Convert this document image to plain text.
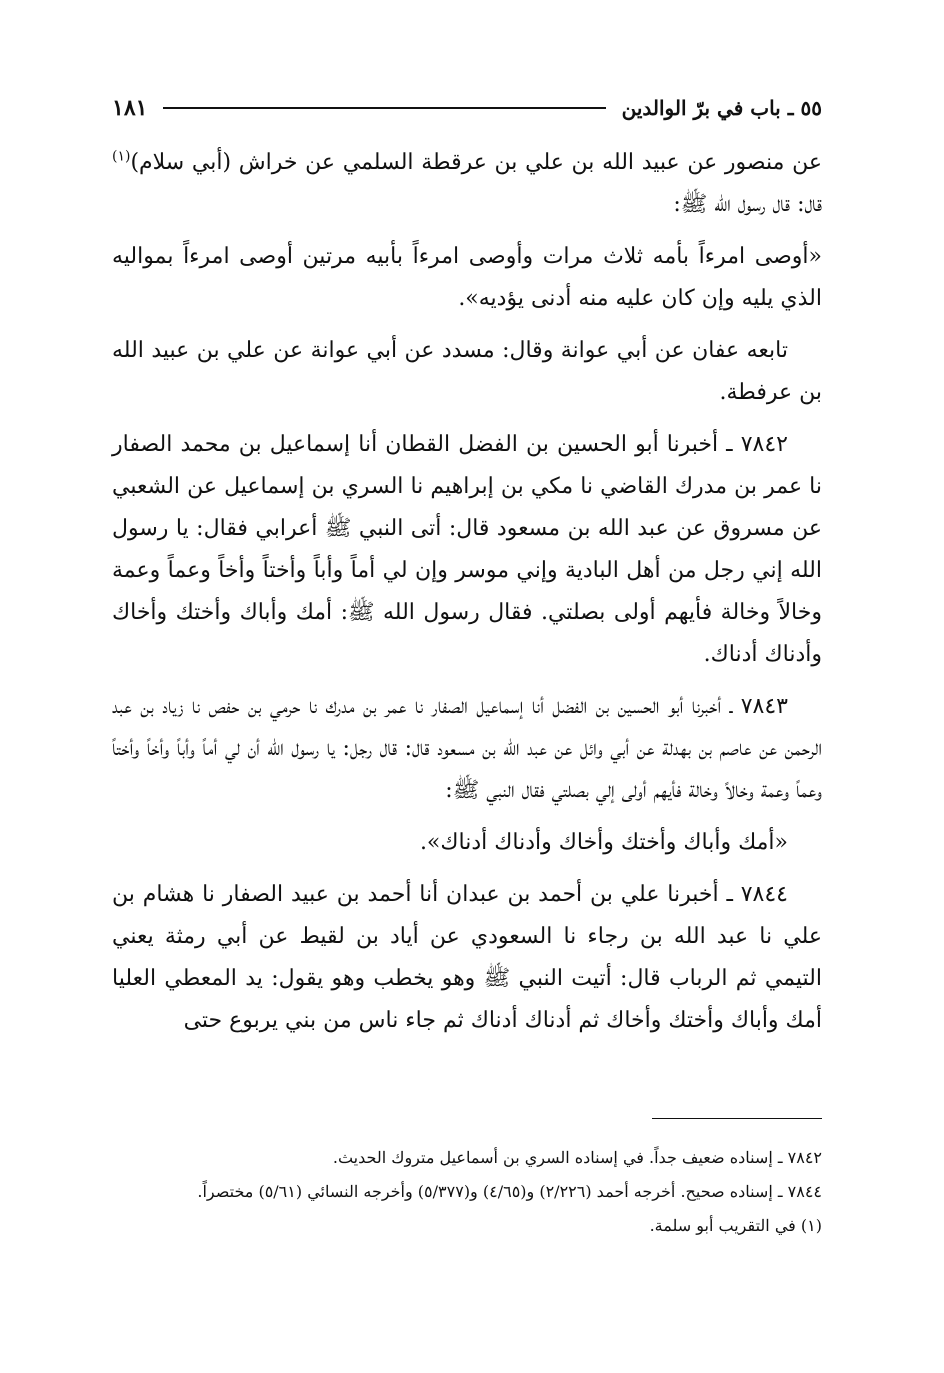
٥٥ ـ باب في برّ الوالدين
١٨١

عن منصور عن عبيد الله بن علي بن عرقطة السلمي عن خراش (أبي سلام)$^{(١)}$ قال: قال رسول الله ﷺ:

«أوصى امرءاً بأمه ثلاث مرات وأوصى امرءاً بأبيه مرتين أوصى امرءاً بمواليه الذي يليه وإن كان عليه منه أدنى يؤديه».

تابعه عفان عن أبي عوانة وقال: مسدد عن أبي عوانة عن علي بن عبيد الله بن عرفطة.

٧٨٤٢ ـ أخبرنا أبو الحسين بن الفضل القطان أنا إسماعيل بن محمد الصفار نا عمر بن مدرك القاضي نا مكي بن إبراهيم نا السري بن إسماعيل عن الشعبي عن مسروق عن عبد الله بن مسعود قال: أتى النبي ﷺ أعرابي فقال: يا رسول الله إني رجل من أهل البادية وإني موسر وإن لي أماً وأباً وأختاً وأخاً وعماً وعمة وخالاً وخالة فأيهم أولى بصلتي. فقال رسول الله ﷺ: أمك وأباك وأختك وأخاك وأدناك أدناك.

٧٨٤٣ ـ أخبرنا أبو الحسين بن الفضل أنا إسماعيل الصفار نا عمر بن مدرك نا حرمي بن حفص نا زياد بن عبد الرحمن عن عاصم بن بهدلة عن أبي وائل عن عبد الله بن مسعود قال: قال رجل: يا رسول الله أن لي أماً وأباً وأخاً وأختاً وعماً وعمة وخالاً وخالة فأيهم أولى إلي بصلتي فقال النبي ﷺ:

«أمك وأباك وأختك وأخاك وأدناك أدناك».

٧٨٤٤ ـ أخبرنا علي بن أحمد بن عبدان أنا أحمد بن عبيد الصفار نا هشام بن علي نا عبد الله بن رجاء نا السعودي عن أياد بن لقيط عن أبي رمثة يعني التيمي ثم الرباب قال: أتيت النبي ﷺ وهو يخطب وهو يقول: يد المعطي العليا أمك وأباك وأختك وأخاك ثم أدناك أدناك ثم جاء ناس من بني يربوع حتى

٧٨٤٢ ـ إسناده ضعيف جداً. في إسناده السري بن أسماعيل متروك الحديث.

٧٨٤٤ ـ إسناده صحيح. أخرجه أحمد (٢/٢٢٦) و(٤/٦٥) و(٥/٣٧٧) وأخرجه النسائي (٥/٦١) مختصراً.

(١) في التقريب أبو سلمة.
